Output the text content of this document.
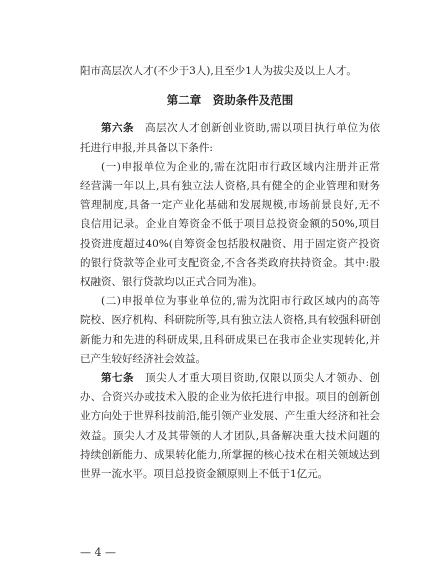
阳市高层次人才(不少于3人),且至少1人为拔尖及以上人才。
第二章　资助条件及范围
第六条　 高层次人才创新创业资助,需以项目执行单位为依
托进行申报,并具备以下条件:
(一)申报单位为企业的,需在沈阳市行政区域内注册并正常
经营满一年以上,具有独立法人资格,具有健全的企业管理和财务
管理制度,具备一定产业化基础和发展规模,市场前景良好,无不
良信用记录。企业自筹资金不低于项目总投资金额的50%,项目
投资进度超过40%(自筹资金包括股权融资、用于固定资产投资
的银行贷款等企业可支配资金,不含各类政府扶持资金。其中:股
权融资、银行贷款均以正式合同为准)。
(二)申报单位为事业单位的,需为沈阳市行政区域内的高等
院校、医疗机构、科研院所等,具有独立法人资格,具有较强科研创
新能力和先进的科研成果,且科研成果已在我市企业实现转化,并
已产生较好经济社会效益。
第七条　 顶尖人才重大项目资助,仅限以顶尖人才领办、创
办、合资兴办或技术入股的企业为依托进行申报。项目的创新创
业方向处于世界科技前沿,能引领产业发展、产生重大经济和社会
效益。顶尖人才及其带领的人才团队,具备解决重大技术问题的
持续创新能力、成果转化能力,所掌握的核心技术在相关领域达到
世界一流水平。项目总投资金额原则上不低于1亿元。
— 4 —
